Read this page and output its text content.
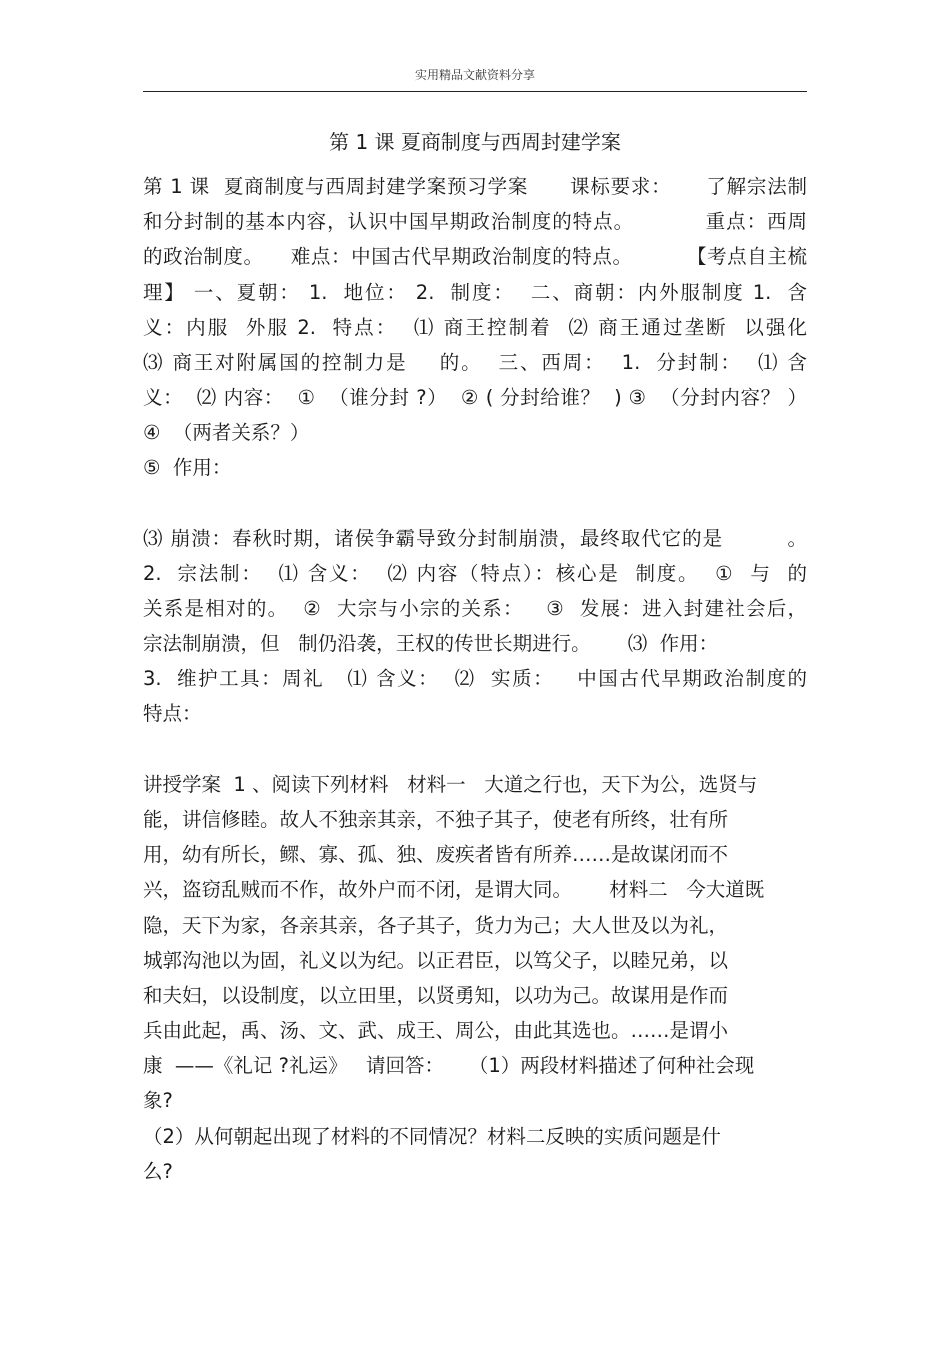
实用精品文献资料分享
第 1 课 夏商制度与西周封建学案
第 1 课  夏商制度与西周封建学案预习学案      课标要求：     了解宗法制
和分封制的基本内容，认识中国早期政治制度的特点。          重点：西周
的政治制度。    难点：中国古代早期政治制度的特点。        【考点自主梳
理】 一、夏朝： 1.  地位： 2.  制度：  二、商朝：内外服制度 1.  含
义：内服  外服 2.  特点：  ⑴ 商王控制着  ⑵ 商王通过垄断  以强化
⑶ 商王对附属国的控制力是    的。  三、西周：  1.  分封制：  ⑴ 含
义：  ⑵ 内容：  ①  （谁分封 ?）  ② ( 分封给谁？  ) ③  （分封内容？ ）
④  （两者关系？）
⑤  作用：
⑶ 崩溃：春秋时期，诸侯争霸导致分封制崩溃，最终取代它的是         。
2.  宗法制：  ⑴ 含义：  ⑵ 内容（特点）：核心是  制度。  ①  与  的
关系是相对的。  ②  大宗与小宗的关系：   ③  发展：进入封建社会后，
宗法制崩溃，但   制仍沿袭，王权的传世长期进行。      ⑶  作用：
3.  维护工具：周礼   ⑴ 含义：  ⑵  实质：   中国古代早期政治制度的
特点：
讲授学案  1 、阅读下列材料   材料一   大道之行也，天下为公，选贤与
能，讲信修睦。故人不独亲其亲，不独子其子，使老有所终，壮有所
用，幼有所长，鳏、寡、孤、独、废疾者皆有所养……是故谋闭而不
兴，盗窃乱贼而不作，故外户而不闭，是谓大同。      材料二   今大道既
隐，天下为家，各亲其亲，各子其子，货力为己；大人世及以为礼，
城郭沟池以为固，礼义以为纪。以正君臣，以笃父子，以睦兄弟，以
和夫妇，以设制度，以立田里，以贤勇知，以功为己。故谋用是作而
兵由此起，禹、汤、文、武、成王、周公，由此其选也。……是谓小
康  ——《礼记 ?礼运》   请回答：    （1）两段材料描述了何种社会现
象?
（2）从何朝起出现了材料的不同情况？材料二反映的实质问题是什
么?
